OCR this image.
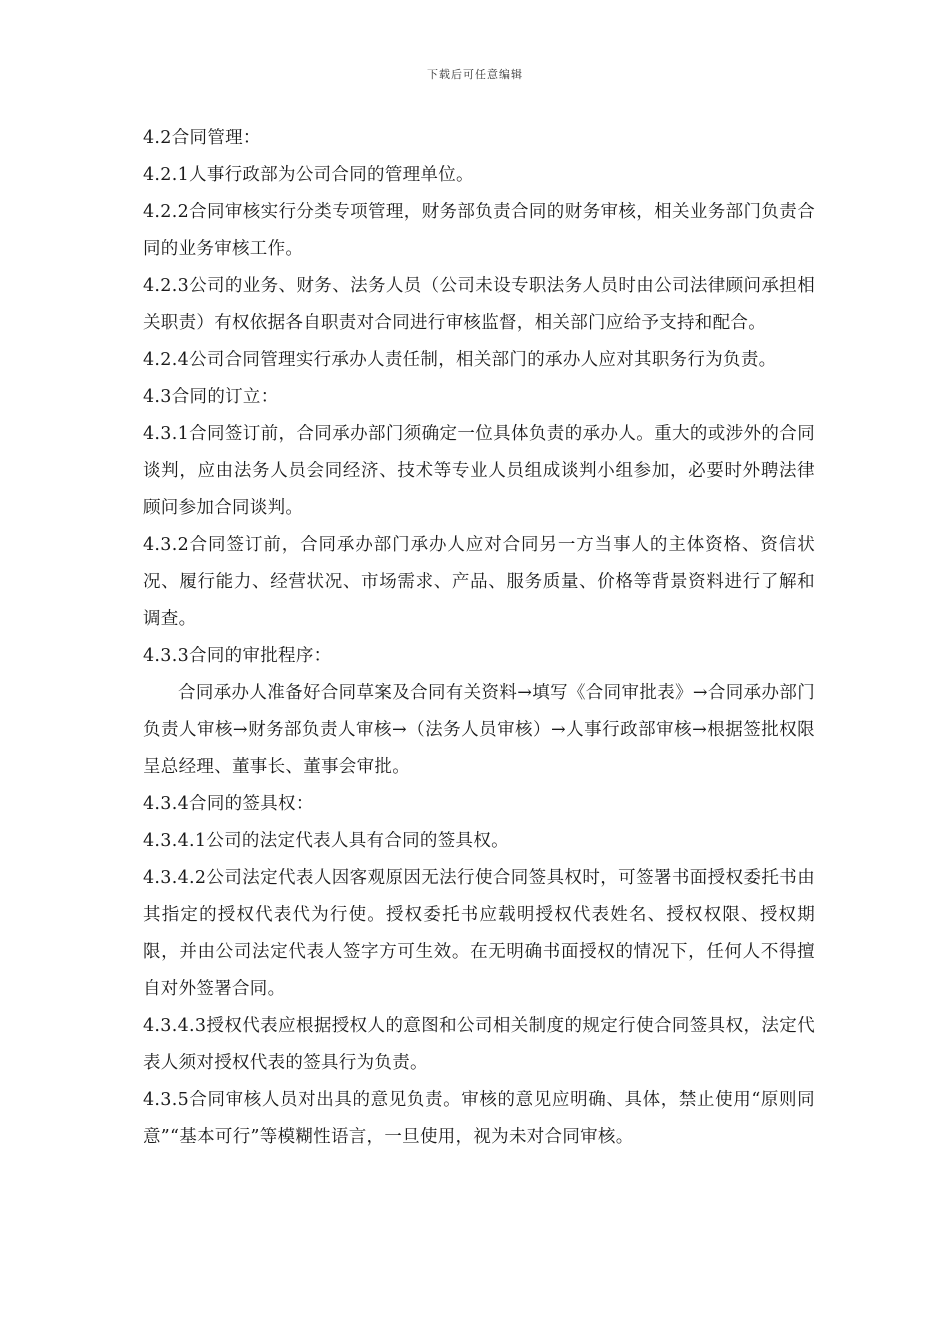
下载后可任意编辑

4.2合同管理：

4.2.1人事行政部为公司合同的管理单位。

4.2.2合同审核实行分类专项管理，财务部负责合同的财务审核，相关业务部门负责合同的业务审核工作。

4.2.3公司的业务、财务、法务人员（公司未设专职法务人员时由公司法律顾问承担相关职责）有权依据各自职责对合同进行审核监督，相关部门应给予支持和配合。

4.2.4公司合同管理实行承办人责任制，相关部门的承办人应对其职务行为负责。

4.3合同的订立：

4.3.1合同签订前，合同承办部门须确定一位具体负责的承办人。重大的或涉外的合同谈判，应由法务人员会同经济、技术等专业人员组成谈判小组参加，必要时外聘法律顾问参加合同谈判。

4.3.2合同签订前，合同承办部门承办人应对合同另一方当事人的主体资格、资信状况、履行能力、经营状况、市场需求、产品、服务质量、价格等背景资料进行了解和调查。

4.3.3合同的审批程序：

合同承办人准备好合同草案及合同有关资料→填写《合同审批表》→合同承办部门负责人审核→财务部负责人审核→（法务人员审核）→人事行政部审核→根据签批权限呈总经理、董事长、董事会审批。

4.3.4合同的签具权：

4.3.4.1公司的法定代表人具有合同的签具权。

4.3.4.2公司法定代表人因客观原因无法行使合同签具权时，可签署书面授权委托书由其指定的授权代表代为行使。授权委托书应载明授权代表姓名、授权权限、授权期限，并由公司法定代表人签字方可生效。在无明确书面授权的情况下，任何人不得擅自对外签署合同。

4.3.4.3授权代表应根据授权人的意图和公司相关制度的规定行使合同签具权，法定代表人须对授权代表的签具行为负责。

4.3.5合同审核人员对出具的意见负责。审核的意见应明确、具体，禁止使用“原则同意”“基本可行”等模糊性语言，一旦使用，视为未对合同审核。
